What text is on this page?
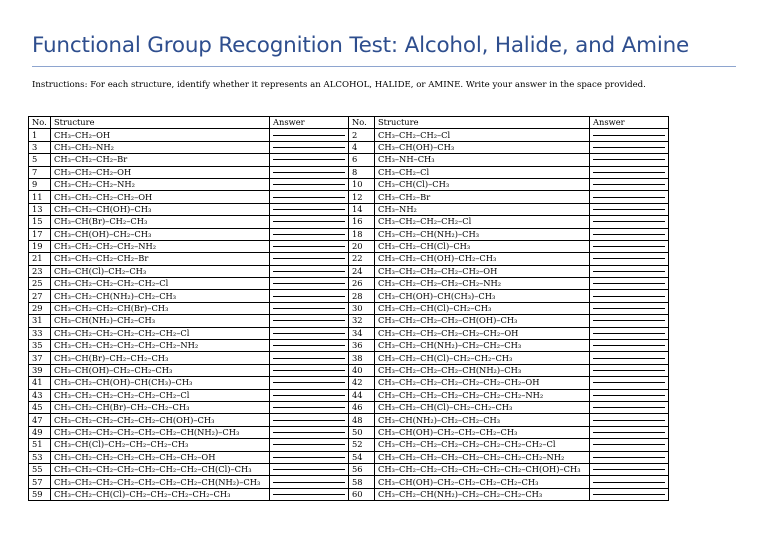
Functional Group Recognition Test: Alcohol, Halide, and Amine
Instructions: For each structure, identify whether it represents an ALCOHOL, HALIDE, or AMINE. Write your answer in the space provided.
No.	Structure	Answer	No.	Structure	Answer
1	CH₃–CH₂–OH		2	CH₃–CH₂–CH₂–Cl	
3	CH₃–CH₂–NH₂		4	CH₃–CH(OH)–CH₃	
5	CH₃–CH₂–CH₂–Br		6	CH₃–NH–CH₃	
7	CH₃–CH₂–CH₂–OH		8	CH₃–CH₂–Cl	
9	CH₃–CH₂–CH₂–NH₂		10	CH₃–CH(Cl)–CH₃	
11	CH₃–CH₂–CH₂–CH₂–OH		12	CH₃–CH₂–Br	
13	CH₃–CH₂–CH(OH)–CH₃		14	CH₃–NH₂	
15	CH₃–CH(Br)–CH₂–CH₃		16	CH₃–CH₂–CH₂–CH₂–Cl	
17	CH₃–CH(OH)–CH₂–CH₃		18	CH₃–CH₂–CH(NH₂)–CH₃	
19	CH₃–CH₂–CH₂–CH₂–NH₂		20	CH₃–CH₂–CH(Cl)–CH₃	
21	CH₃–CH₂–CH₂–CH₂–Br		22	CH₃–CH₂–CH(OH)–CH₂–CH₃	
23	CH₃–CH(Cl)–CH₂–CH₃		24	CH₃–CH₂–CH₂–CH₂–CH₂–OH	
25	CH₃–CH₂–CH₂–CH₂–CH₂–Cl		26	CH₃–CH₂–CH₂–CH₂–CH₂–NH₂	
27	CH₃–CH₂–CH(NH₂)–CH₂–CH₃		28	CH₃–CH(OH)–CH(CH₃)–CH₃	
29	CH₃–CH₂–CH₂–CH(Br)–CH₃		30	CH₃–CH₂–CH(Cl)–CH₂–CH₃	
31	CH₃–CH(NH₂)–CH₂–CH₃		32	CH₃–CH₂–CH₂–CH₂–CH(OH)–CH₃	
33	CH₃–CH₂–CH₂–CH₂–CH₂–CH₂–Cl		34	CH₃–CH₂–CH₂–CH₂–CH₂–CH₂–OH	
35	CH₃–CH₂–CH₂–CH₂–CH₂–CH₂–NH₂		36	CH₃–CH₂–CH(NH₂)–CH₂–CH₂–CH₃	
37	CH₃–CH(Br)–CH₂–CH₂–CH₃		38	CH₃–CH₂–CH(Cl)–CH₂–CH₂–CH₃	
39	CH₃–CH(OH)–CH₂–CH₂–CH₃		40	CH₃–CH₂–CH₂–CH₂–CH(NH₂)–CH₃	
41	CH₃–CH₂–CH(OH)–CH(CH₃)–CH₃		42	CH₃–CH₂–CH₂–CH₂–CH₂–CH₂–CH₂–OH	
43	CH₃–CH₂–CH₂–CH₂–CH₂–CH₂–Cl		44	CH₃–CH₂–CH₂–CH₂–CH₂–CH₂–CH₂–NH₂	
45	CH₃–CH₂–CH(Br)–CH₂–CH₂–CH₃		46	CH₃–CH₂–CH(Cl)–CH₂–CH₂–CH₃	
47	CH₃–CH₂–CH₂–CH₂–CH₂–CH(OH)–CH₃		48	CH₃–CH(NH₂)–CH₂–CH₂–CH₃	
49	CH₃–CH₂–CH₂–CH₂–CH₂–CH₂–CH(NH₂)–CH₃		50	CH₃–CH(OH)–CH₂–CH₂–CH₂–CH₃	
51	CH₃–CH(Cl)–CH₂–CH₂–CH₂–CH₃		52	CH₃–CH₂–CH₂–CH₂–CH₂–CH₂–CH₂–CH₂–Cl	
53	CH₃–CH₂–CH₂–CH₂–CH₂–CH₂–CH₂–OH		54	CH₃–CH₂–CH₂–CH₂–CH₂–CH₂–CH₂–CH₂–NH₂	
55	CH₃–CH₂–CH₂–CH₂–CH₂–CH₂–CH₂–CH(Cl)–CH₃		56	CH₃–CH₂–CH₂–CH₂–CH₂–CH₂–CH₂–CH(OH)–CH₃	
57	CH₃–CH₂–CH₂–CH₂–CH₂–CH₂–CH₂–CH(NH₂)–CH₃		58	CH₃–CH(OH)–CH₂–CH₂–CH₂–CH₂–CH₃	
59	CH₃–CH₂–CH(Cl)–CH₂–CH₂–CH₂–CH₂–CH₃		60	CH₃–CH₂–CH(NH₂)–CH₂–CH₂–CH₂–CH₃	
